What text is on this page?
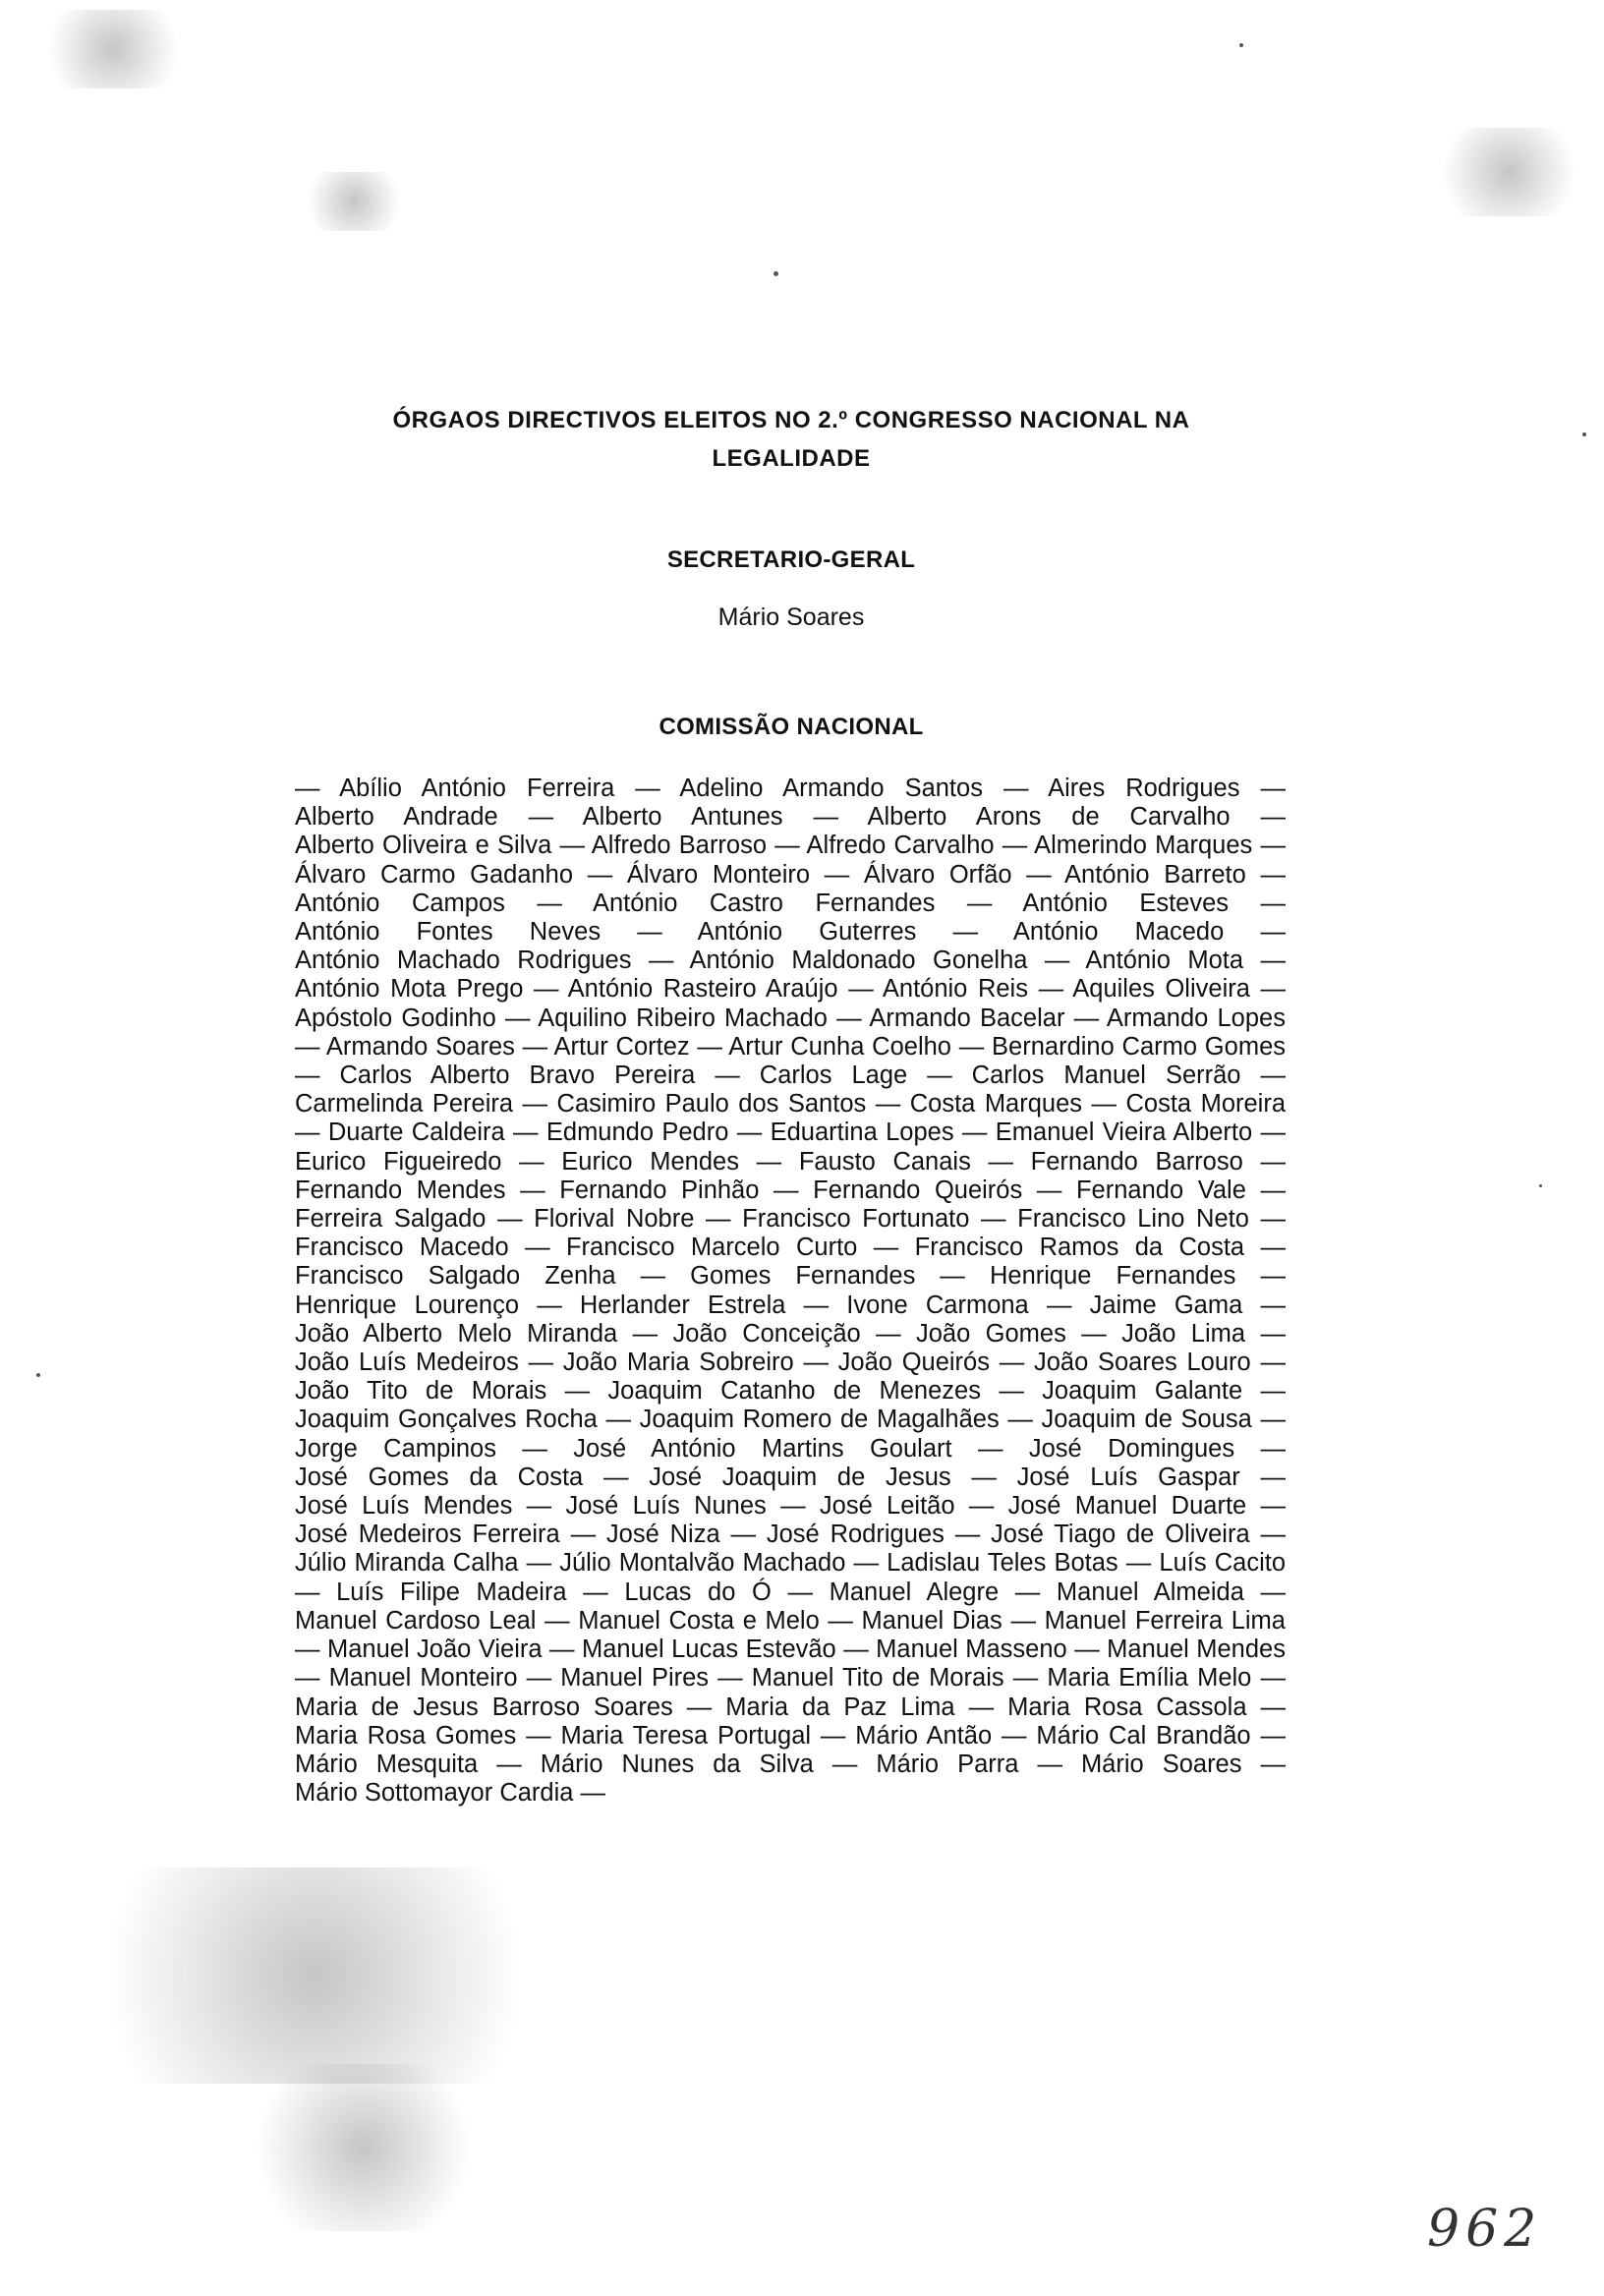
ÓRGAOS DIRECTIVOS ELEITOS NO 2.º CONGRESSO NACIONAL NA
LEGALIDADE
SECRETARIO-GERAL
Mário Soares
COMISSÃO NACIONAL

— Abílio António Ferreira — Adelino Armando Santos — Aires Rodrigues — Alberto Andrade — Alberto Antunes — Alberto Arons de Carvalho — Alberto Oliveira e Silva — Alfredo Barroso — Alfredo Carvalho — Almerindo Marques — Álvaro Carmo Gadanho — Álvaro Monteiro — Álvaro Orfão — António Barreto — António Campos — António Castro Fernandes — António Esteves — António Fontes Neves — António Guterres — António Macedo — António Machado Rodrigues — António Maldonado Gonelha — António Mota — António Mota Prego — António Rasteiro Araújo — António Reis — Aquiles Oliveira — Apóstolo Godinho — Aquilino Ribeiro Machado — Armando Bacelar — Armando Lopes — Armando Soares — Artur Cortez — Artur Cunha Coelho — Bernardino Carmo Gomes — Carlos Alberto Bravo Pereira — Carlos Lage — Carlos Manuel Serrão — Carmelinda Pereira — Casimiro Paulo dos Santos — Costa Marques — Costa Moreira — Duarte Caldeira — Edmundo Pedro — Eduartina Lopes — Emanuel Vieira Alberto — Eurico Figueiredo — Eurico Mendes — Fausto Canais — Fernando Barroso — Fernando Mendes — Fernando Pinhão — Fernando Queirós — Fernando Vale — Ferreira Salgado — Florival Nobre — Francisco Fortunato — Francisco Lino Neto — Francisco Macedo — Francisco Marcelo Curto — Francisco Ramos da Costa — Francisco Salgado Zenha — Gomes Fernandes — Henrique Fernandes — Henrique Lourenço — Herlander Estrela — Ivone Carmona — Jaime Gama — João Alberto Melo Miranda — João Conceição — João Gomes — João Lima — João Luís Medeiros — João Maria Sobreiro — João Queirós — João Soares Louro — João Tito de Morais — Joaquim Catanho de Menezes — Joaquim Galante — Joaquim Gonçalves Rocha — Joaquim Romero de Magalhães — Joaquim de Sousa — Jorge Campinos — José António Martins Goulart — José Domingues — José Gomes da Costa — José Joaquim de Jesus — José Luís Gaspar — José Luís Mendes — José Luís Nunes — José Leitão — José Manuel Duarte — José Medeiros Ferreira — José Niza — José Rodrigues — José Tiago de Oliveira — Júlio Miranda Calha — Júlio Montalvão Machado — Ladislau Teles Botas — Luís Cacito — Luís Filipe Madeira — Lucas do Ó — Manuel Alegre — Manuel Almeida — Manuel Cardoso Leal — Manuel Costa e Melo — Manuel Dias — Manuel Ferreira Lima — Manuel João Vieira — Manuel Lucas Estevão — Manuel Masseno — Manuel Mendes — Manuel Monteiro — Manuel Pires — Manuel Tito de Morais — Maria Emília Melo — Maria de Jesus Barroso Soares — Maria da Paz Lima — Maria Rosa Cassola — Maria Rosa Gomes — Maria Teresa Portugal — Mário Antão — Mário Cal Brandão — Mário Mesquita — Mário Nunes da Silva — Mário Parra — Mário Soares — Mário Sottomayor Cardia —

962
